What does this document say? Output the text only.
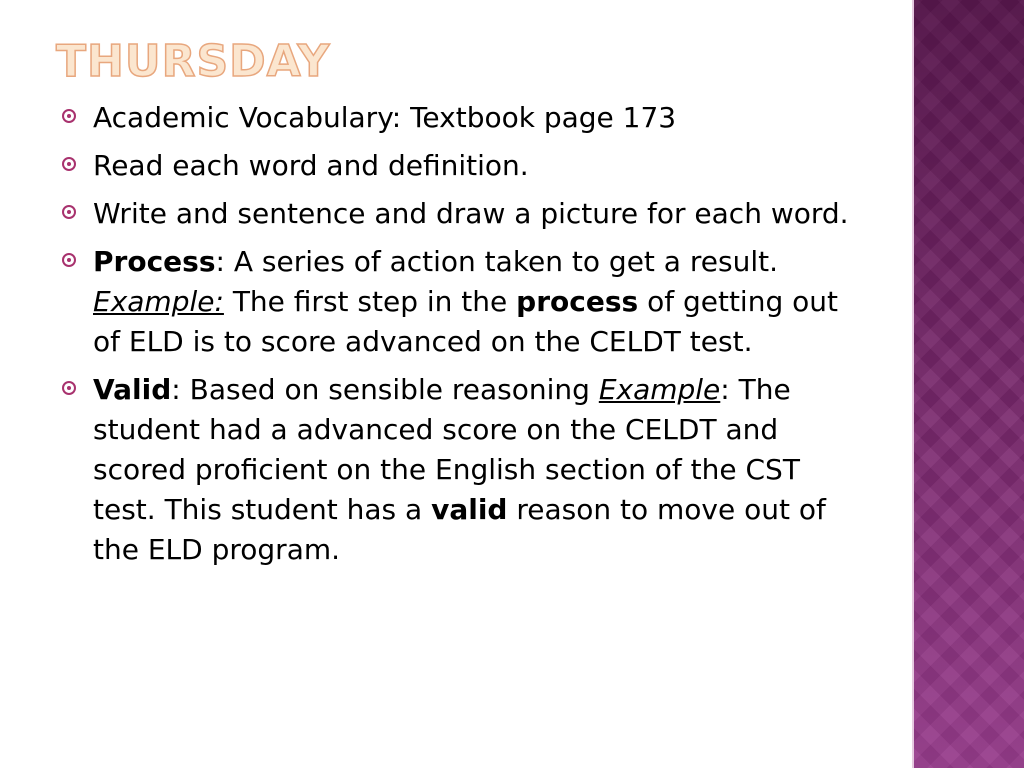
THURSDAY
Academic Vocabulary: Textbook page 173
Read each word and definition.
Write and sentence and draw a picture for each word.
Process: A series of action taken to get a result. Example: The first step in the process of getting out of ELD is to score advanced on the CELDT test.
Valid: Based on sensible reasoning Example: The student had a advanced score on the CELDT and scored proficient on the English section of the CST test. This student has a valid reason to move out of the ELD program.
